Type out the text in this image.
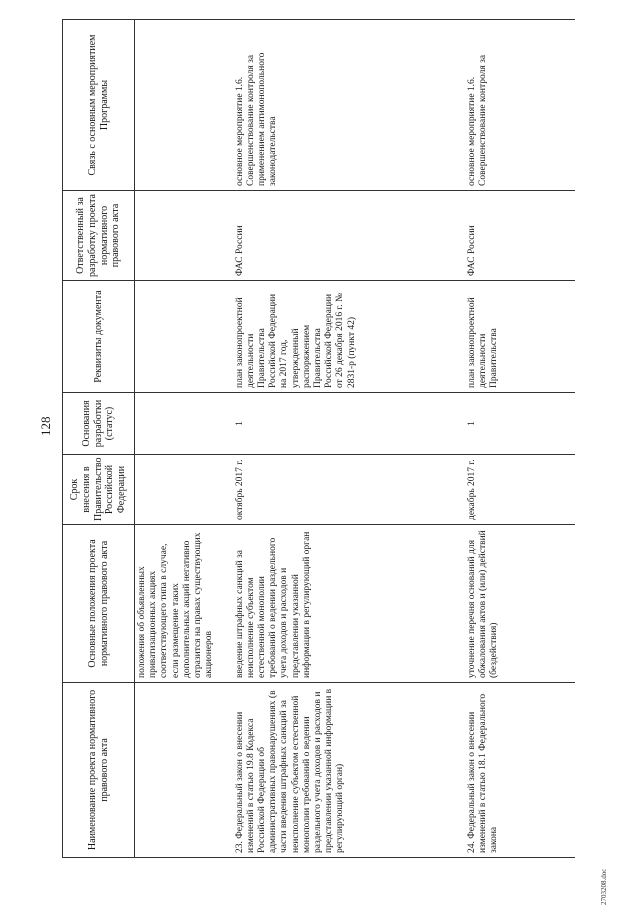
128
Наименование проекта нормативного правового акта	Основные положения проекта нормативного правового акта	Срок внесения в Правительство Российской Федерации	Основания разработки (статус)	Реквизиты документа	Ответственный за разработку проекта нормативного правового акта	Связь с основным мероприятием Программы
	положения об объявленных приватизационных акциях соответствующего типа в случае, если размещение таких дополнительных акций негативно отразится на правах существующих акционеров					
23. Федеральный закон о внесении изменений в статью 19.8 Кодекса Российской Федерации об административных правонарушениях (в части введения штрафных санкций за неисполнение субъектом естественной монополии требований о ведении раздельного учета доходов и расходов и представлении указанной информации в регулирующий орган)	введение штрафных санкций за неисполнение субъектом естественной монополии требований о ведении раздельного учета доходов и расходов и представлении указанной информации в регулирующий орган	октябрь 2017 г.	1	план законопроектной деятельности Правительства Российской Федерации на 2017 год, утвержденный распоряжением Правительства Российской Федерации от 26 декабря 2016 г. № 2831-р (пункт 42)	ФАС России	основное мероприятие 1.6. Совершенствование контроля за применением антимонопольного законодательства
24. Федеральный закон о внесении изменений в статью 18.1 Федерального закона	уточнение перечня оснований для обжалования актов и (или) действий (бездействия)	декабрь 2017 г.	1	план законопроектной деятельности Правительства	ФАС России	основное мероприятие 1.6. Совершенствование контроля за
2703208.doc
